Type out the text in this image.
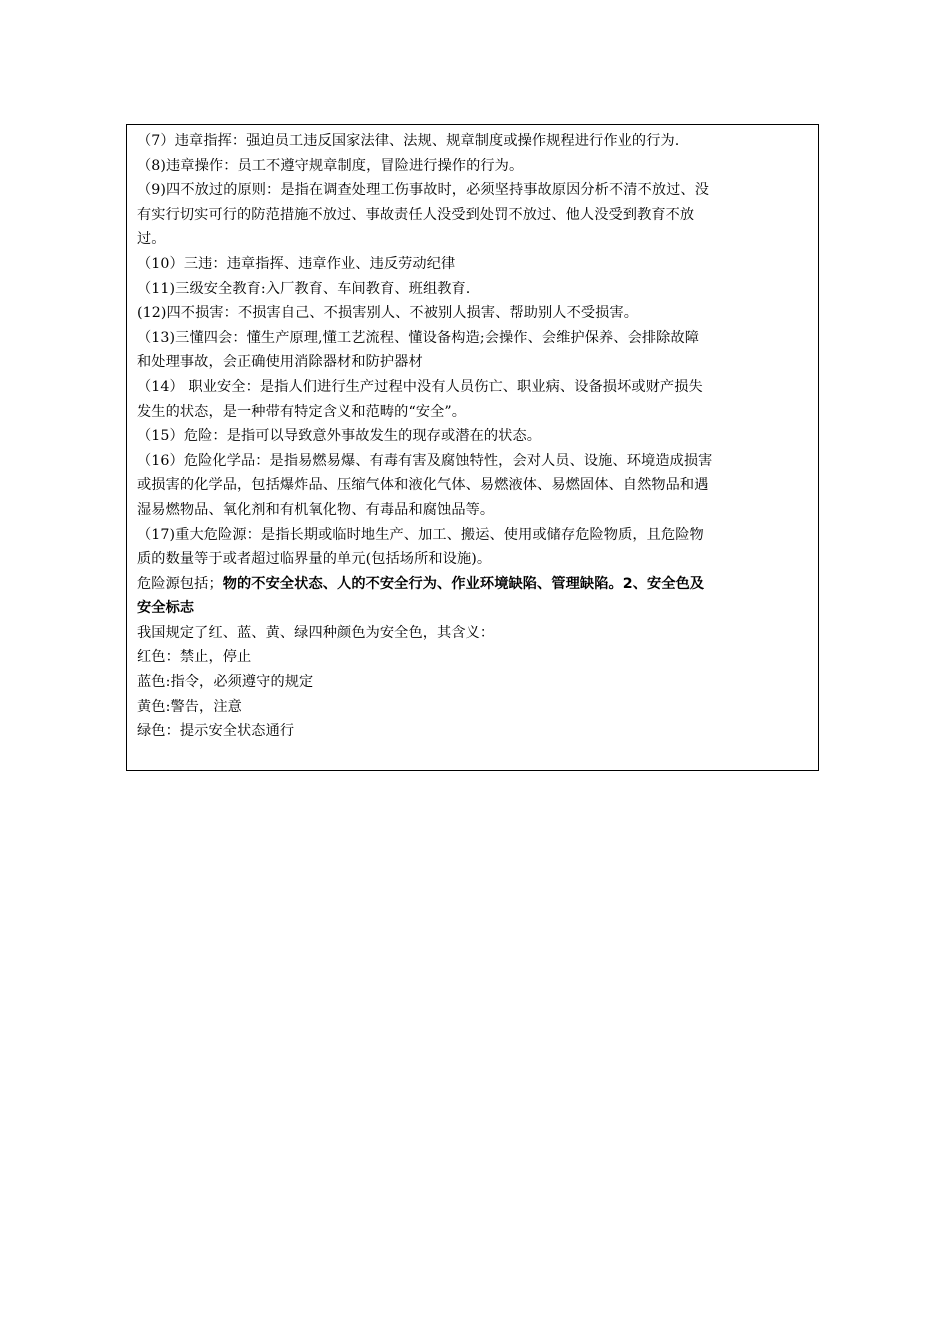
（7）违章指挥：强迫员工违反国家法律、法规、规章制度或操作规程进行作业的行为.
（8)违章操作：员工不遵守规章制度，冒险进行操作的行为。
（9)四不放过的原则：是指在调查处理工伤事故时，必须坚持事故原因分析不清不放过、没
有实行切实可行的防范措施不放过、事故责任人没受到处罚不放过、他人没受到教育不放
过。
（10）三违：违章指挥、违章作业、违反劳动纪律
（11)三级安全教育:入厂教育、车间教育、班组教育.
(12)四不损害：不损害自己、不损害别人、不被别人损害、帮助别人不受损害。
（13)三懂四会：懂生产原理,懂工艺流程、懂设备构造;会操作、会维护保养、会排除故障
和处理事故，会正确使用消除器材和防护器材
（14） 职业安全：是指人们进行生产过程中没有人员伤亡、职业病、设备损坏或财产损失
发生的状态，是一种带有特定含义和范畴的“安全”。
（15）危险：是指可以导致意外事故发生的现存或潜在的状态。
（16）危险化学品：是指易燃易爆、有毒有害及腐蚀特性，会对人员、设施、环境造成损害
或损害的化学品，包括爆炸品、压缩气体和液化气体、易燃液体、易燃固体、自然物品和遇
湿易燃物品、氧化剂和有机氧化物、有毒品和腐蚀品等。
（17)重大危险源：是指长期或临时地生产、加工、搬运、使用或储存危险物质，且危险物
质的数量等于或者超过临界量的单元(包括场所和设施)。
危险源包括；物的不安全状态、人的不安全行为、作业环境缺陷、管理缺陷。2、安全色及
安全标志
我国规定了红、蓝、黄、绿四种颜色为安全色，其含义：
红色：禁止，停止
蓝色:指令，必须遵守的规定
黄色:警告，注意
绿色：提示安全状态通行
